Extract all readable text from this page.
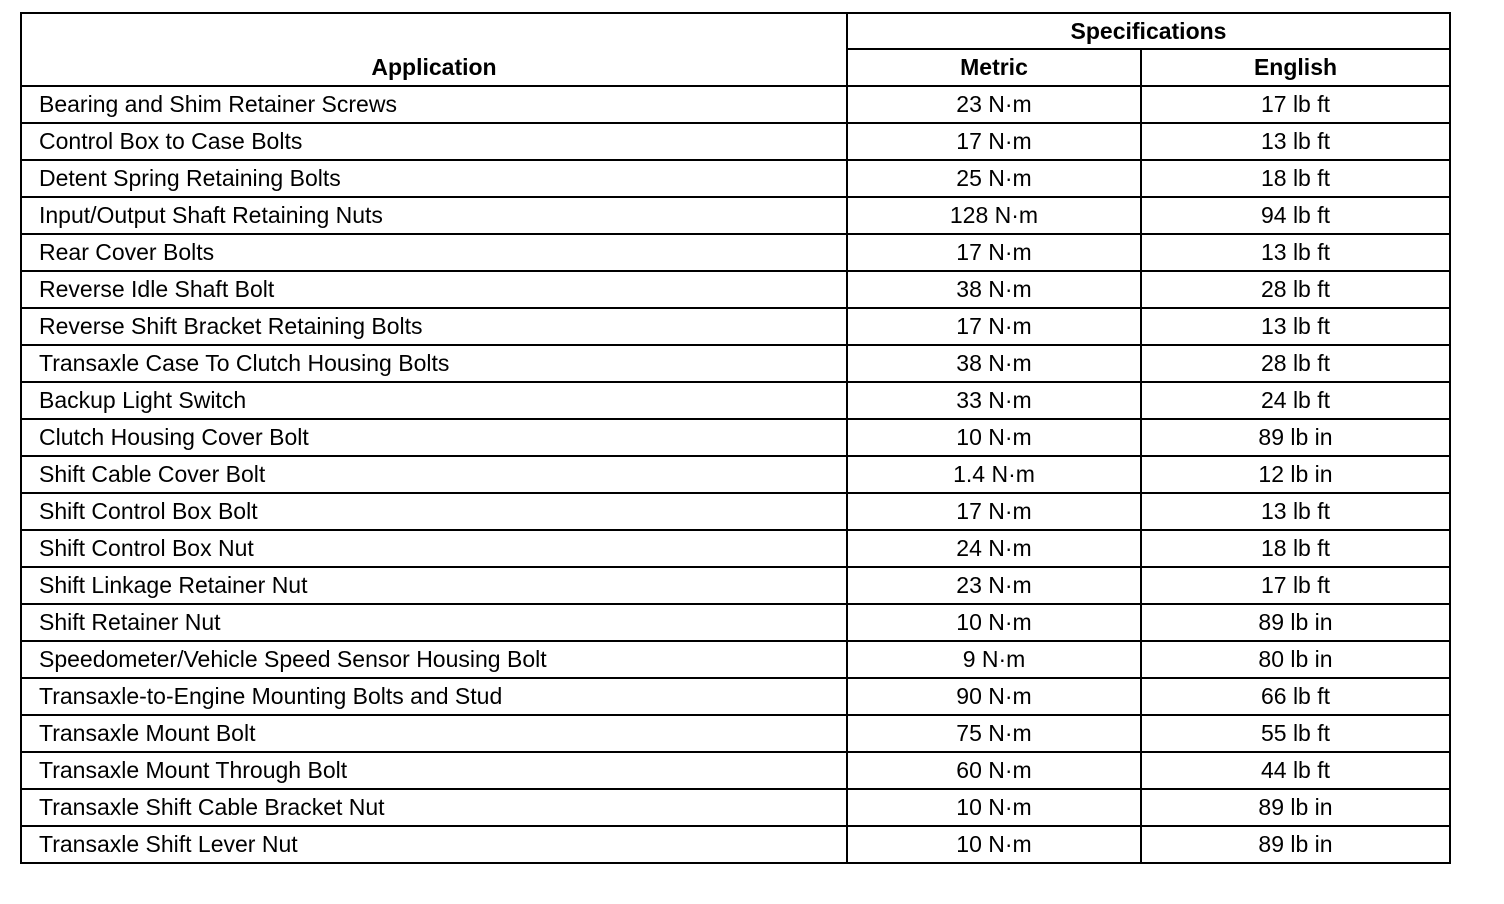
Application	Specifications	
	Metric	English
Bearing and Shim Retainer Screws	23 N·m	17 lb ft
Control Box to Case Bolts	17 N·m	13 lb ft
Detent Spring Retaining Bolts	25 N·m	18 lb ft
Input/Output Shaft Retaining Nuts	128 N·m	94 lb ft
Rear Cover Bolts	17 N·m	13 lb ft
Reverse Idle Shaft Bolt	38 N·m	28 lb ft
Reverse Shift Bracket Retaining Bolts	17 N·m	13 lb ft
Transaxle Case To Clutch Housing Bolts	38 N·m	28 lb ft
Backup Light Switch	33 N·m	24 lb ft
Clutch Housing Cover Bolt	10 N·m	89 lb in
Shift Cable Cover Bolt	1.4 N·m	12 lb in
Shift Control Box Bolt	17 N·m	13 lb ft
Shift Control Box Nut	24 N·m	18 lb ft
Shift Linkage Retainer Nut	23 N·m	17 lb ft
Shift Retainer Nut	10 N·m	89 lb in
Speedometer/Vehicle Speed Sensor Housing Bolt	9 N·m	80 lb in
Transaxle-to-Engine Mounting Bolts and Stud	90 N·m	66 lb ft
Transaxle Mount Bolt	75 N·m	55 lb ft
Transaxle Mount Through Bolt	60 N·m	44 lb ft
Transaxle Shift Cable Bracket Nut	10 N·m	89 lb in
Transaxle Shift Lever Nut	10 N·m	89 lb in
